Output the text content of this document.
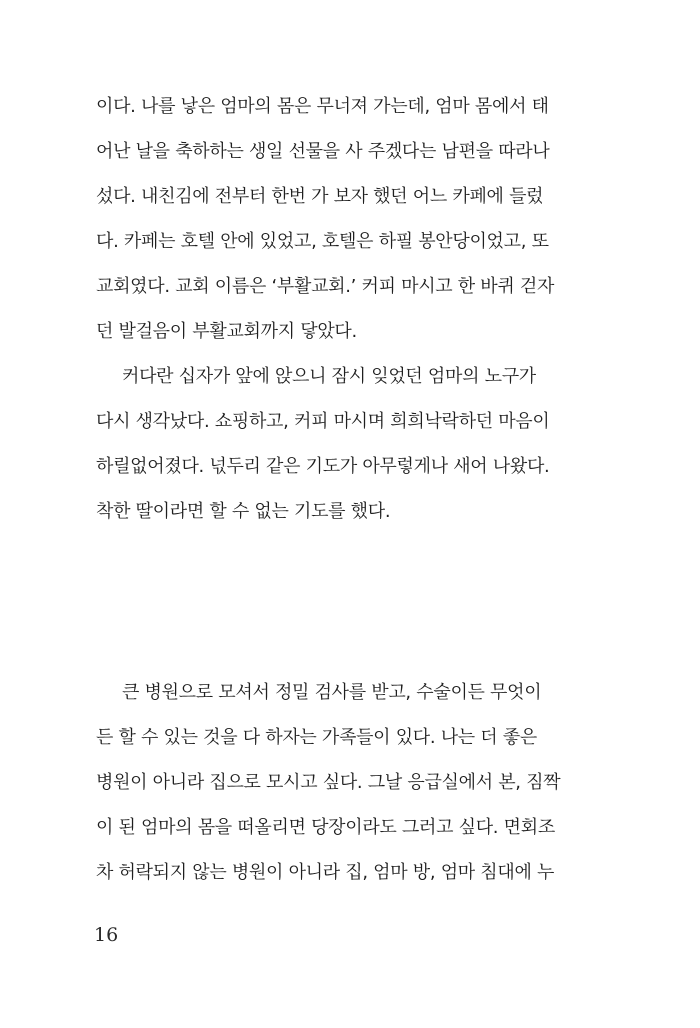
이다. 나를 낳은 엄마의 몸은 무너져 가는데, 엄마 몸에서 태
어난 날을 축하하는 생일 선물을 사 주겠다는 남편을 따라나
섰다. 내친김에 전부터 한번 가 보자 했던 어느 카페에 들렀
다. 카페는 호텔 안에 있었고, 호텔은 하필 봉안당이었고, 또
교회였다. 교회 이름은 ‘부활교회.’ 커피 마시고 한 바퀴 걷자
던 발걸음이 부활교회까지 닿았다.
커다란 십자가 앞에 앉으니 잠시 잊었던 엄마의 노구가
다시 생각났다. 쇼핑하고, 커피 마시며 희희낙락하던 마음이
하릴없어졌다. 넋두리 같은 기도가 아무렇게나 새어 나왔다.
착한 딸이라면 할 수 없는 기도를 했다.
큰 병원으로 모셔서 정밀 검사를 받고, 수술이든 무엇이
든 할 수 있는 것을 다 하자는 가족들이 있다. 나는 더 좋은
병원이 아니라 집으로 모시고 싶다. 그날 응급실에서 본, 짐짝
이 된 엄마의 몸을 떠올리면 당장이라도 그러고 싶다. 면회조
차 허락되지 않는 병원이 아니라 집, 엄마 방, 엄마 침대에 누
16
